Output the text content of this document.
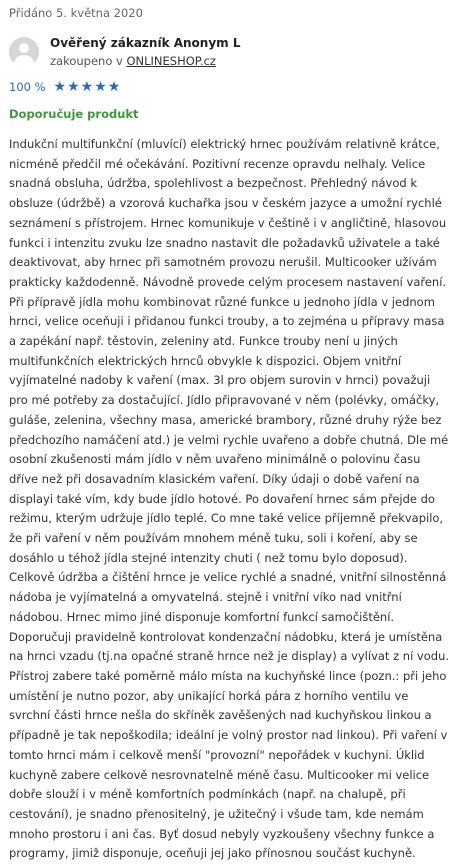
Přidáno 5. května 2020
Ověřený zákazník Anonym L
zakoupeno v ONLINESHOP.cz
100 % ★ ★ ★ ★ ★
Doporučuje produkt

Indukční multifunkční (mluvící) elektrický hrnec používám relativně krátce, nicméně předčil mé očekávání. Pozitivní recenze opravdu nelhaly. Velice snadná obsluha, údržba, spolehlivost a bezpečnost. Přehledný návod k obsluze (údržbě) a vzorová kuchařka jsou v českém jazyce a umožní rychlé seznámení s přístrojem. Hrnec komunikuje v češtině i v angličtině, hlasovou funkci i intenzitu zvuku lze snadno nastavit dle požadavků uživatele a také deaktivovat, aby hrnec při samotném provozu nerušil. Multicooker užívám prakticky každodenně. Návodně provede celým procesem nastavení vaření. Při přípravě jídla mohu kombinovat různé funkce u jednoho jídla v jednom hrnci, velice oceňuji i přidanou funkci trouby, a to zejména u přípravy masa a zapékání např. těstovin, zeleniny atd. Funkce trouby není u jiných multifunkčních elektrických hrnců obvykle k dispozici. Objem vnitřní vyjímatelné nadoby k vaření (max. 3l pro objem surovin v hrnci) považuji pro mé potřeby za dostačující. Jídlo připravované v něm (polévky, omáčky, guláše, zelenina, všechny masa, americké brambory, různé druhy rýže bez předchozího namáčení atd.) je velmi rychle uvařeno a dobře chutná. Dle mé osobní zkušenosti mám jídlo v něm uvařeno minimálně o polovinu času dříve než při dosavadním klasickém vaření. Díky údaji o době vaření na displayi také vím, kdy bude jídlo hotové. Po dovaření hrnec sám přejde do režimu, kterým udržuje jídlo teplé. Co mne také velice příjemně překvapilo, že při vaření v něm používám mnohem méně tuku, soli i koření, aby se dosáhlo u téhož jídla stejné intenzity chuti ( než tomu bylo doposud). Celkově údržba a čištění hrnce je velice rychlé a snadné, vnitřní silnostěnná nádoba je vyjímatelná a omyvatelná. stejně i vnitřní víko nad vnitřní nádobou. Hrnec mimo jiné disponuje komfortní funkcí samočištění. Doporučuji pravidelně kontrolovat kondenzační nádobku, která je umístěna na hrnci vzadu (tj.na opačné straně hrnce než je display) a vylívat z ní vodu. Přístroj zabere také poměrně málo místa na kuchyňské lince (pozn.: při jeho umístění je nutno pozor, aby unikající horká pára z horního ventilu ve svrchní části hrnce nešla do skříněk zavěšených nad kuchyňskou linkou a případně je tak nepoškodila; ideální je volný prostor nad linkou). Při vaření v tomto hrnci mám i celkově menší "provozní" nepořádek v kuchyni. Úklid kuchyně zabere celkově nesrovnatelně méně času. Multicooker mi velice dobře slouží i v méně komfortních podmínkách (např. na chalupě, při cestování), je snadno přenositelný, je užitečný i všude tam, kde nemám mnoho prostoru i ani čas. Byť dosud nebyly vyzkoušeny všechny funkce a programy, jimiž disponuje, oceňuji jej jako přínosnou součást kuchyně.
